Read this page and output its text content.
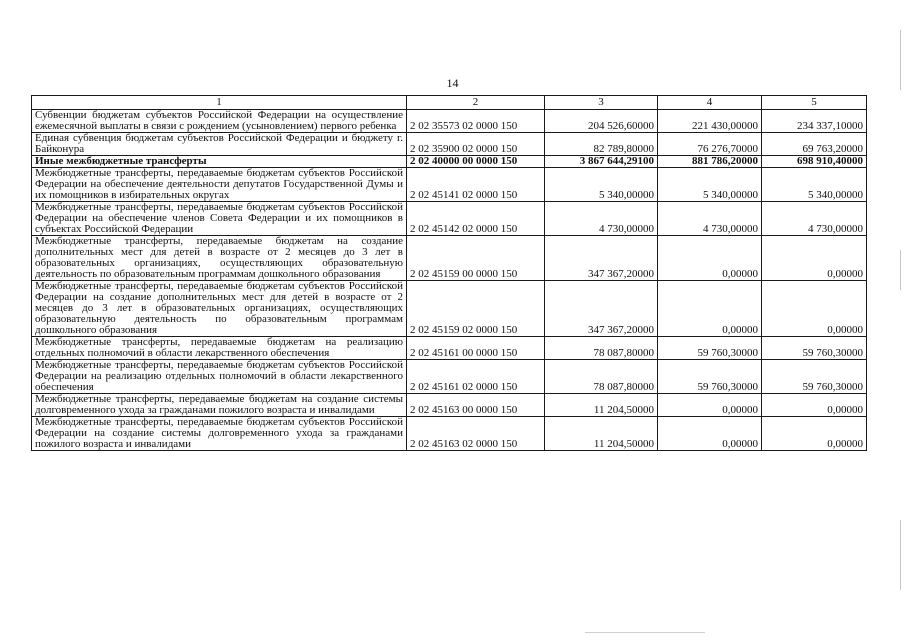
14
1	2	3	4	5
Субвенции бюджетам субъектов Российской Федерации на осуществление ежемесячной выплаты в связи с рождением (усыновлением) первого ребенка	2 02 35573 02 0000 150	204 526,60000	221 430,00000	234 337,10000
Единая субвенция бюджетам субъектов Российской Федерации и бюджету г. Байконура	2 02 35900 02 0000 150	82 789,80000	76 276,70000	69 763,20000
Иные межбюджетные трансферты	2 02 40000 00 0000 150	3 867 644,29100	881 786,20000	698 910,40000
Межбюджетные трансферты, передаваемые бюджетам субъектов Российской Федерации на обеспечение деятельности депутатов Государственной Думы и их помощников в избирательных округах	2 02 45141 02 0000 150	5 340,00000	5 340,00000	5 340,00000
Межбюджетные трансферты, передаваемые бюджетам субъектов Российской Федерации на обеспечение членов Совета Федерации и их помощников в субъектах Российской Федерации	2 02 45142 02 0000 150	4 730,00000	4 730,00000	4 730,00000
Межбюджетные трансферты, передаваемые бюджетам на создание дополнительных мест для детей в возрасте от 2 месяцев до 3 лет в образовательных организациях, осуществляющих образовательную деятельность по образовательным программам дошкольного образования	2 02 45159 00 0000 150	347 367,20000	0,00000	0,00000
Межбюджетные трансферты, передаваемые бюджетам субъектов Российской Федерации на создание дополнительных мест для детей в возрасте от 2 месяцев до 3 лет в образовательных организациях, осуществляющих образовательную деятельность по образовательным программам дошкольного образования	2 02 45159 02 0000 150	347 367,20000	0,00000	0,00000
Межбюджетные трансферты, передаваемые бюджетам на реализацию отдельных полномочий в области лекарственного обеспечения	2 02 45161 00 0000 150	78 087,80000	59 760,30000	59 760,30000
Межбюджетные трансферты, передаваемые бюджетам субъектов Российской Федерации на реализацию отдельных полномочий в области лекарственного обеспечения	2 02 45161 02 0000 150	78 087,80000	59 760,30000	59 760,30000
Межбюджетные трансферты, передаваемые бюджетам на создание системы долговременного ухода за гражданами пожилого возраста и инвалидами	2 02 45163 00 0000 150	11 204,50000	0,00000	0,00000
Межбюджетные трансферты, передаваемые бюджетам субъектов Российской Федерации на создание системы долговременного ухода за гражданами пожилого возраста и инвалидами	2 02 45163 02 0000 150	11 204,50000	0,00000	0,00000
